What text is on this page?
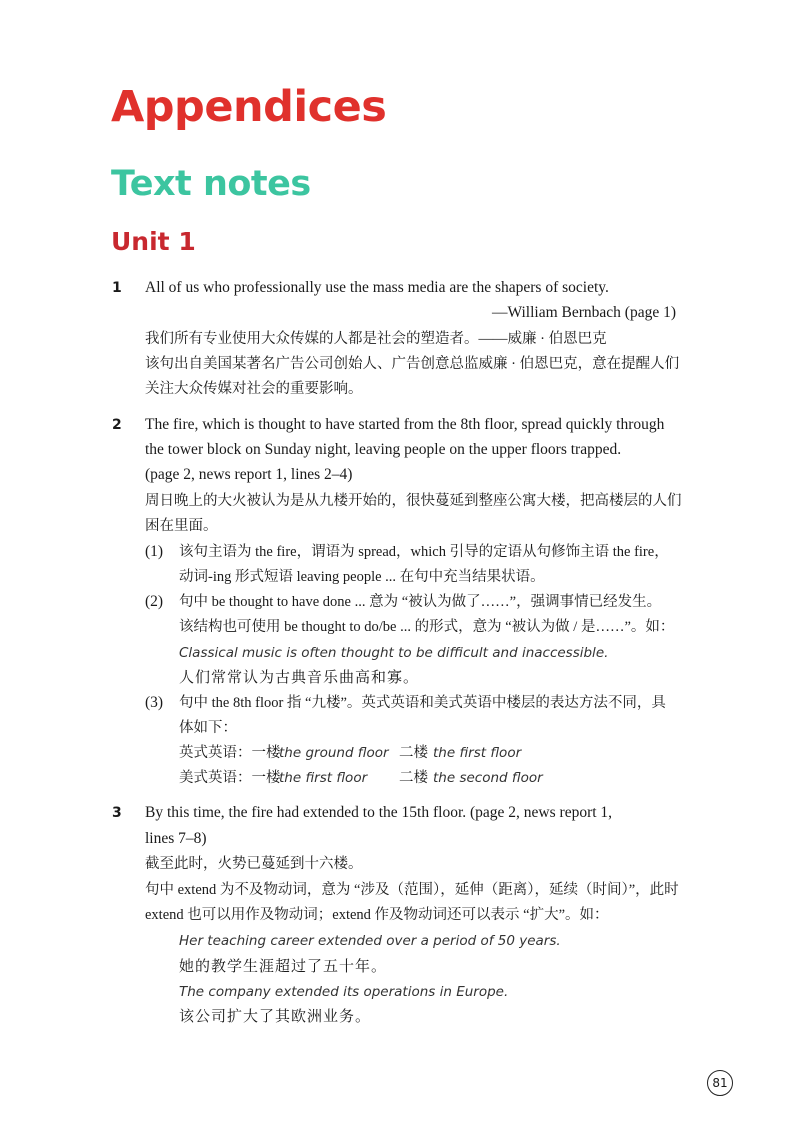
Appendices
Text notes
Unit 1
1 All of us who professionally use the mass media are the shapers of society.
—William Bernbach (page 1)
我们所有专业使用大众传媒的人都是社会的塑造者。——威廉 · 伯恩巴克
该句出自美国某著名广告公司创始人、广告创意总监威廉 · 伯恩巴克，意在提醒人们
关注大众传媒对社会的重要影响。
2 The fire, which is thought to have started from the 8th floor, spread quickly through
the tower block on Sunday night, leaving people on the upper floors trapped.
(page 2, news report 1, lines 2–4)
周日晚上的大火被认为是从九楼开始的，很快蔓延到整座公寓大楼，把高楼层的人们
困在里面。
(1) 该句主语为 the fire，谓语为 spread，which 引导的定语从句修饰主语 the fire，
动词-ing 形式短语 leaving people ... 在句中充当结果状语。
(2) 句中 be thought to have done ... 意为 “被认为做了……”，强调事情已经发生。
该结构也可使用 be thought to do/be ... 的形式，意为 “被认为做 / 是……”。如：
Classical music is often thought to be difficult and inaccessible.
人们常常认为古典音乐曲高和寡。
(3) 句中 the 8th floor 指 “九楼”。英式英语和美式英语中楼层的表达方法不同，具
体如下：
英式英语：一楼
the ground floor 二楼 the first floor
美式英语：一楼
the first floor 二楼 the second floor
3 By this time, the fire had extended to the 15th floor. (page 2, news report 1,
lines 7–8)
截至此时，火势已蔓延到十六楼。
句中 extend 为不及物动词，意为 “涉及（范围），延伸（距离），延续（时间）”，此时
extend 也可以用作及物动词；extend 作及物动词还可以表示 “扩大”。如：
Her teaching career extended over a period of 50 years.
她的教学生涯超过了五十年。
The company extended its operations in Europe.
该公司扩大了其欧洲业务。
81
